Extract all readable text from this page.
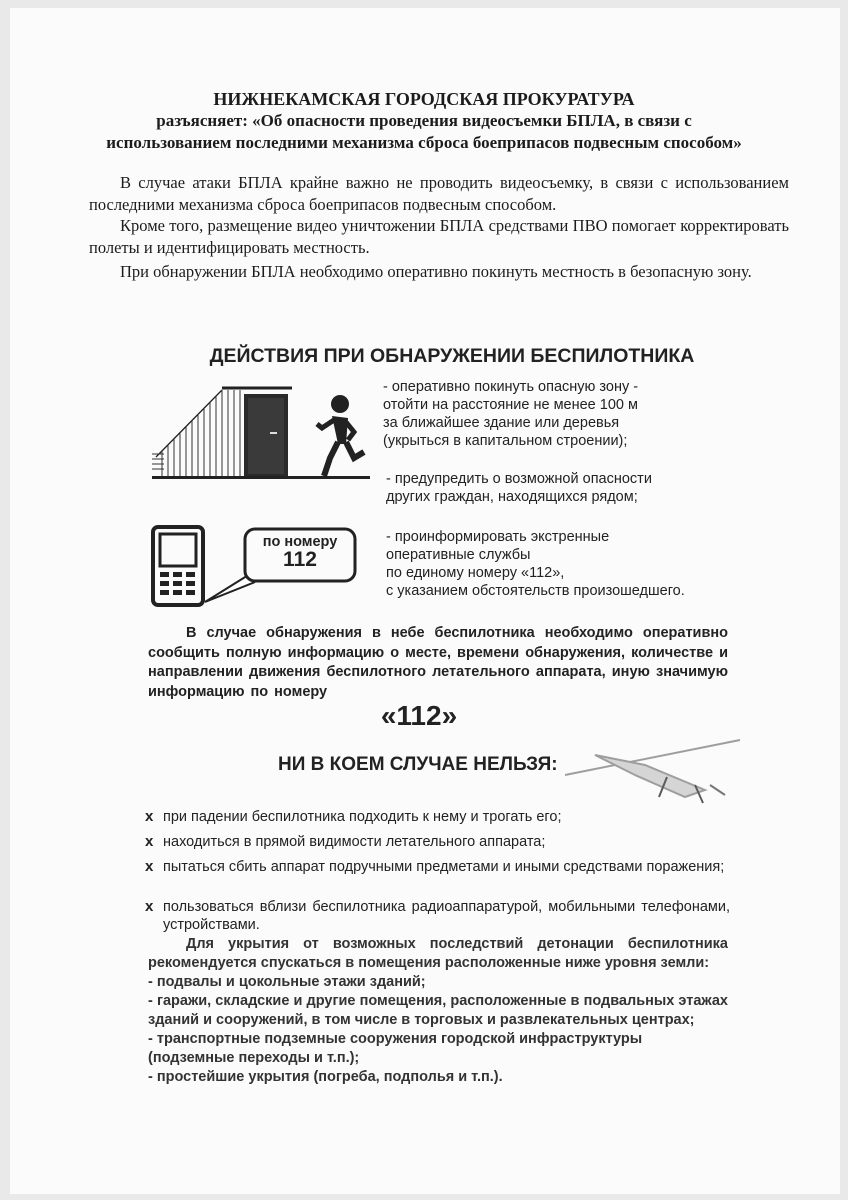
НИЖНЕКАМСКАЯ ГОРОДСКАЯ ПРОКУРАТУРА
разъясняет: «Об опасности проведения видеосъемки БПЛА, в связи с
использованием последними механизма сброса боеприпасов подвесным способом»
В случае атаки БПЛА крайне важно не проводить видеосъемку, в связи с использованием последними механизма сброса боеприпасов подвесным способом.
Кроме того, размещение видео уничтожении БПЛА средствами ПВО помогает корректировать полеты и идентифицировать местность.
При обнаружении БПЛА необходимо оперативно покинуть местность в безопасную зону.
ДЕЙСТВИЯ ПРИ ОБНАРУЖЕНИИ БЕСПИЛОТНИКА
- оперативно покинуть опасную зону -
отойти на расстояние не менее 100 м
за ближайшее здание или деревья
(укрыться в капитальном строении);
- предупредить о возможной опасности
других граждан, находящихся рядом;
- проинформировать экстренные
оперативные службы
по единому номеру «112»,
с указанием обстоятельств произошедшего.
по номеру
112
В случае обнаружения в небе беспилотника необходимо оперативно сообщить полную информацию о месте, времени обнаружения, количестве и направлении движения беспилотного летательного аппарата, иную значимую информацию по номеру
«112»
НИ В КОЕМ СЛУЧАЕ НЕЛЬЗЯ:
x при падении беспилотника подходить к нему и трогать его;
x находиться в прямой видимости летательного аппарата;
x пытаться сбить аппарат подручными предметами и иными средствами поражения;
x пользоваться вблизи беспилотника радиоаппаратурой, мобильными телефонами, устройствами.
Для укрытия от возможных последствий детонации беспилотника рекомендуется спускаться в помещения расположенные ниже уровня земли:
- подвалы и цокольные этажи зданий;
- гаражи, складские и другие помещения, расположенные в подвальных этажах зданий и сооружений, в том числе в торговых и развлекательных центрах;
- транспортные подземные сооружения городской инфраструктуры (подземные переходы и т.п.);
- простейшие укрытия (погреба, подполья и т.п.).
